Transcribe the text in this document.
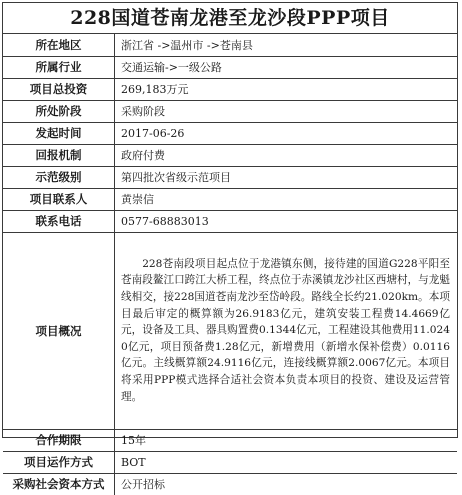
228国道苍南龙港至龙沙段PPP项目
所在地区	浙江省 ->温州市 ->苍南县
所属行业	交通运输->一级公路
项目总投资	269,183万元
所处阶段	采购阶段
发起时间	2017-06-26
回报机制	政府付费
示范级别	第四批次省级示范项目
项目联系人	黄崇信
联系电话	0577-68883013
项目概况	228苍南段项目起点位于龙港镇东侧，接待建的国道G228平阳至苍南段鳌江口跨江大桥工程，终点位于赤溪镇龙沙社区西塘村，与龙魁线相交，接228国道苍南龙沙至岱岭段。路线全长约21.020km。本项目最后审定的概算额为26.9183亿元，建筑安装工程费14.4669亿元，设备及工具、器具购置费0.1344亿元，工程建设其他费用11.0240亿元，项目预备费1.28亿元，新增费用（新增水保补偿费）0.0116亿元。主线概算额24.9116亿元，连接线概算额2.0067亿元。本项目将采用PPP模式选择合适社会资本负责本项目的投资、建设及运营管理。
合作期限	15年
项目运作方式	BOT
采购社会资本方式	公开招标
